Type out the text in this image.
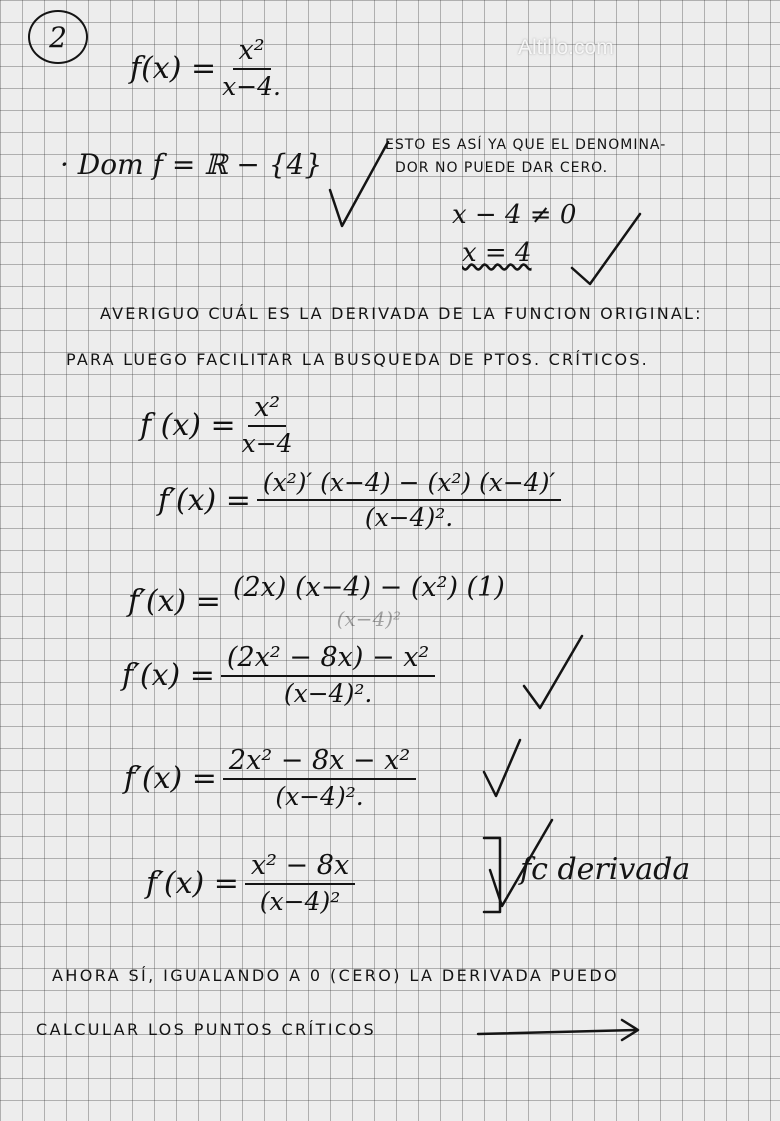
2	Altillo.com
$f(x) = \frac{\text{x²}}{x-4.}$
· Dom f = ℝ − {4}
ESTO ES ASÍ YA QUE EL DENOMINA-
DOR NO PUEDE DAR CERO.
x − 4 ≠ 0
x = 4
AVERIGUO CUÁL ES LA DERIVADA DE LA FUNCION ORIGINAL:
PARA LUEGO FACILITAR LA BUSQUEDA DE PTOS. CRÍTICOS.
f $(x) = \frac{\text{x²}}{x-4}$
$f'(x) = \frac{\text{(x²)′ (x−4) − (x²) (x−4)′}}{\text{(x−4)².}}$
f′(x) = (2x) (x−4) − (x²) (1)
(x−4)²
$f'(x) = \frac{\text{(2x² − 8x) − x²}}{\text{(x−4)².}}$
$f'(x) = \frac{\text{2x² − 8x − x²}}{\text{(x−4)².}}$
$f'(x) = \frac{\text{x² − 8x}}{\text{(x−4)²}}$	fc derivada
AHORA SÍ, IGUALANDO A 0 (CERO) LA DERIVADA PUEDO
CALCULAR LOS PUNTOS CRÍTICOS
